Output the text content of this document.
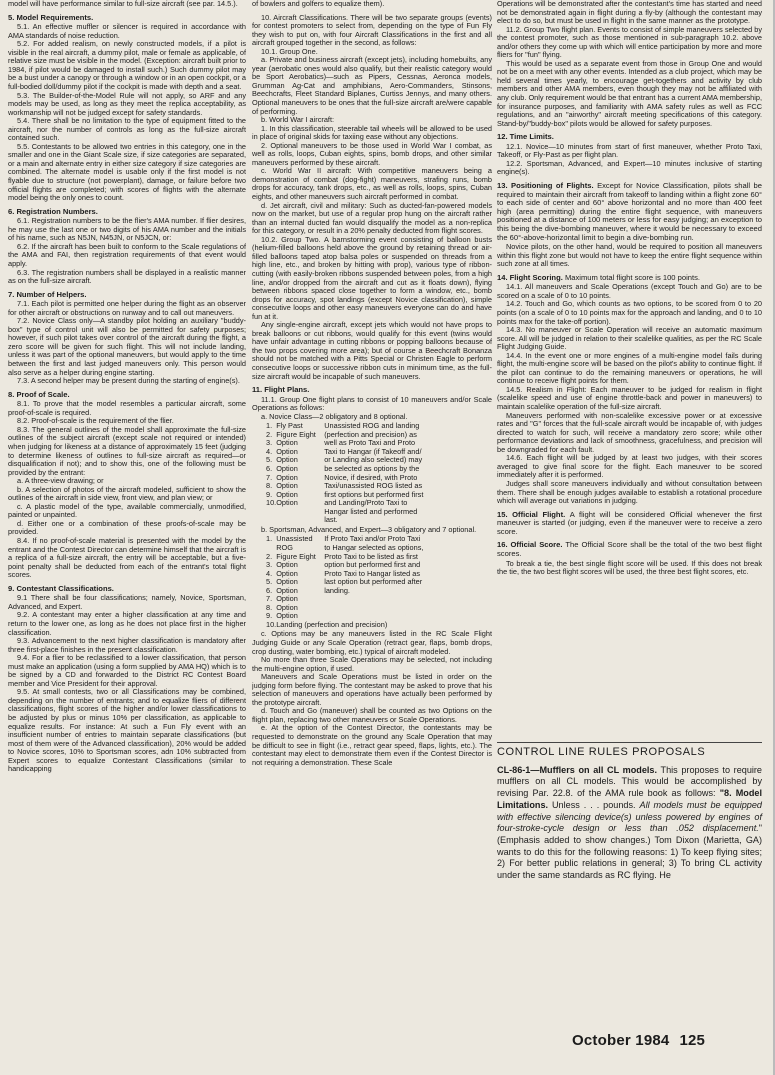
model will have performance similar to full-size aircraft (see par. 14.5.).

5. Model Requirements.

5.1. An effective muffler or silencer is required in accordance with AMA standards of noise reduction.

5.2. For added realism, on newly constructed models, if a pilot is visible in the real aircraft, a dummy pilot, male or female as applicable, of relative size must be visible in the model. (Exception: aircraft built prior to 1984, if pilot would be damaged to install such.) Such dummy pilot may be a bust under a canopy or through a window or in an open cockpit, or a full-bodied doll/dummy pilot if the cockpit is made with depth and a seat.

5.3. The Builder-of-the-Model Rule will not apply, so ARF and any models may be used, as long as they meet the replica acceptability, as workmanship will not be judged except for safety standards.

5.4. There shall be no limitation to the type of equipment fitted to the aircraft, nor the number of controls as long as the full-size aircraft contained such.

5.5. Contestants to be allowed two entries in this category, one in the smaller and one in the Giant Scale size, if size categories are separated, or a main and alternate entry in either size category if size categories are combined. The alternate model is usable only if the first model is not flyable due to structure (not powerplant), damage, or failure before two official flights are completed; with scores of flights with the alternate model being the only ones to count.

6. Registration Numbers.

6.1. Registration numbers to be the flier's AMA number. If flier desires, he may use the last one or two digits of his AMA number and the initials of his name, such as N5JN, N45JN, or N5JCN, or:

6.2. If the aircraft has been built to conform to the Scale regulations of the AMA and FAI, then registration requirements of that event would apply.

6.3. The registration numbers shall be displayed in a realistic manner as on the full-size aircraft.

7. Number of Helpers.

7.1. Each pilot is permitted one helper during the flight as an observer for other aircraft or obstructions on runway and to call out maneuvers.

7.2. Novice Class only—A standby pilot holding an auxiliary "buddy-box" type of control unit will also be permitted for safety purposes; however, if such pilot takes over control of the aircraft during the flight, a zero score will be given for such flight. This will not include landing, unless it was part of the optional maneuvers, but would apply to the time between the first and last judged maneuvers only. This person would also serve as a helper during engine starting.

7.3. A second helper may be present during the starting of engine(s).

8. Proof of Scale.

8.1. To prove that the model resembles a particular aircraft, some proof-of-scale is required.

8.2. Proof-of-scale is the requirement of the flier.

8.3. The general outlines of the model shall approximate the full-size outlines of the subject aircraft (except scale not required or intended) when judging for likeness at a distance of approximately 15 feet (judging to determine likeness of outlines to full-size aircraft as required—or disqualification if not); and to show this, one of the following must be provided by the entrant:

a. A three-view drawing; or

b. A selection of photos of the aircraft modeled, sufficient to show the outlines of the aircraft in side view, front view, and plan view; or

c. A plastic model of the type, available commercially, unmodified, painted or unpainted.

d. Either one or a combination of these proofs-of-scale may be provided.

8.4. If no proof-of-scale material is presented with the model by the entrant and the Contest Director can determine himself that the aircraft is a replica of a full-size aircraft, the entry will be acceptable, but a five-point penalty shall be deducted from each of the entrant's total flight scores.

9. Contestant Classifications.

9.1 There shall be four classifications; namely, Novice, Sportsman, Advanced, and Expert.

9.2. A contestant may enter a higher classification at any time and return to the lower one, as long as he does not place first in the higher classification.

9.3. Advancement to the next higher classification is mandatory after three first-place finishes in the present classification.

9.4. For a flier to be reclassified to a lower classification, that person must make an application (using a form supplied by AMA HQ) which is to be signed by a CD and forwarded to the District RC Contest Board member and Vice President for their approval.

9.5. At small contests, two or all Classifications may be combined, depending on the number of entrants; and to equalize fliers of different classifications, flight scores of the higher and/or lower classifications to be adjusted by plus or minus 10% per classification, as applicable to equalize results. For instance: At such a Fun Fly event with an insufficient number of entries to maintain separate classifications (but most of them were of the Advanced classification), 20% would be added to Novice scores, 10% to Sportsman scores, adn 10% subtracted from Expert scores to equalize Contestant Classifications (similar to handicapping

of bowlers and golfers to equalize them).

10. Aircraft Classifications. There will be two separate groups (events) for contest promoters to select from, depending on the type of Fun Fly they wish to put on, with four Aircraft Classifications in the first and all aircraft grouped together in the second, as follows:

10.1. Group One.

a. Private and business aircraft (except jets), including homebuilts, any year (aerobatic ones would also qualify, but their realistic category would be Sport Aerobatics)—such as Pipers, Cessnas, Aeronca models, Grumman Ag-Cat and amphibians, Aero-Commanders, Stinsons, Beechcrafts, Fleet Standard Biplanes, Curtiss Jennys, and many others. Optional maneuvers to be ones that the full-size aircraft are/were capable of performing.

b. World War I aircraft:

1. In this classification, steerable tail wheels will be allowed to be used in place of original skids for taxiing ease without any objections.

2. Optional maneuvers to be those used in World War I combat, as well as rolls, loops, Cuban eights, spins, bomb drops, and other similar maneuvers performed by these aircraft.

c. World War II aircraft: With competitive maneuvers being a demonstration of combat (dog-fight) maneuvers, strafing runs, bomb drops for accuracy, tank drops, etc., as well as rolls, loops, spins, Cuban eights, and other maneuvers such aircraft performed in combat.

d. Jet aircraft, civil and military: Such as ducted-fan-powered models now on the market, but use of a regular prop hung on the aircraft rather than an internal ducted fan would disqualify the model as a non-replica for this category, or result in a 20% penalty deducted from flight scores.

10.2. Group Two. A barnstorming event consisting of balloon busts (helium-filled balloons held above the ground by retaining thread or air-filled balloons taped atop balsa poles or suspended on threads from a high line, etc., and broken by hitting with prop), various type of ribbon-cutting (with easily-broken ribbons suspended between poles, from a high line, and/or dropped from the aircraft and cut as it floats down), flying between ribbons spaced close together to form a window, etc., bomb drops for accuracy, spot landings (except Novice classification), simple consecutive loops and other easy maneuvers everyone can do and have fun at it.

Any single-engine aircraft, except jets which would not have props to break balloons or cut ribbons, would qualify for this event (twins would have unfair advantage in cutting ribbons or popping balloons because of the two props covering more area); but of course a Beechcraft Bonanza should not be matched with a Pitts Special or Christen Eagle to perform consecutive loops or successive ribbon cuts in minimum time, as the full-size aircraft would be incapable of such maneuvers.

11. Flight Plans.

11.1. Group One flight plans to consist of 10 maneuvers and/or Scale Operations as follows:

a. Novice Class—2 obligatory and 8 optional.

1.	Fly Past	Unassisted ROG and landing
2.	Figure Eight	(perfection and precision) as
3.	Option	well as Proto Taxi and Proto
4.	Option	Taxi to Hangar (if Takeoff and/
5.	Option	or Landing also selected) may
6.	Option	be selected as options by the
7.	Option	Novice, if desired, with Proto
8.	Option	Taxi/unassisted ROG listed as
9.	Option	first options but performed first
10.	Option	and Landing/Proto Taxi to
		Hangar listed and performed
		last.

b. Sportsman, Advanced, and Expert—3 obligatory and 7 optional.

1.	Unassisted	If Proto Taxi and/or Proto Taxi
	ROG	to Hangar selected as options,
2.	Figure Eight	Proto Taxi to be listed as first
3.	Option	option but performed first and
4.	Option	Proto Taxi to Hangar listed as
5.	Option	last option but performed after
6.	Option	landing.
7.	Option	
8.	Option	
9.	Option	
10.	Landing (perfection and precision)	

c. Options may be any maneuvers listed in the RC Scale Flight Judging Guide or any Scale Operation (retract gear, flaps, bomb drops, crop dusting, water bombing, etc.) typical of aircraft modeled.

No more than three Scale Operations may be selected, not including the multi-engine option, if used.

Maneuvers and Scale Operations must be listed in order on the judging form before flying. The contestant may be asked to prove that his selection of maneuvers and operations have actually been performed by the prototype aircraft.

d. Touch and Go (maneuver) shall be counted as two Options on the flight plan, replacing two other maneuvers or Scale Operations.

e. At the option of the Contest Director, the contestants may be requested to demonstrate on the ground any Scale Operation that may be difficult to see in flight (i.e., retract gear speed, flaps, lights, etc.). The contestant may elect to demonstrate them even if the Contest Director is not requiring a demonstration. These Scale

Operations will be demonstrated after the contestant's time has started and need not be demonstrated again in flight during a fly-by (although the contestant may elect to do so, but must be used in flight in the same manner as the prototype.

11.2. Group Two flight plan. Events to consist of simple maneuvers selected by the contest promoter, such as those mentioned in sub-paragraph 10.2. above and/or others they come up with which will entice participation by more and more fliers for "fun" flying.

This would be used as a separate event from those in Group One and would not be on a meet with any other events. Intended as a club project, which may be held several times yearly, to encourage get-togethers and activity by club members and other AMA members, even though they may not be affiliated with any club. Only requirement would be that entrant has a current AMA membership, for insurance purposes, and familiarity with AMA safety rules as well as FCC regulations, and an "airworthy" aircraft meeting specifications of this category. Stand-by/"buddy-box" pilots would be allowed for safety purposes.

12. Time Limits.

12.1. Novice—10 minutes from start of first maneuver, whether Proto Taxi, Takeoff, or Fly-Past as per flight plan.

12.2. Sportsman, Advanced, and Expert—10 minutes inclusive of starting engine(s).

13. Positioning of Flights. Except for Novice Classification, pilots shall be required to maintain their aircraft from takeoff to landing within a flight zone 60° to each side of center and 60° above horizontal and no more than 400 feet high (area permitting) during the entire flight sequence, with maneuvers positioned at a distance of 100 meters or less for easy judging; an exception to this being the dive-bombing maneuver, where it would be necessary to exceed the 60°-above-horizontal limit to begin a dive-bombing run.

Novice pilots, on the other hand, would be required to position all maneuvers within this flight zone but would not have to keep the entire flight sequence within such zone at all times.

14. Flight Scoring. Maximum total flight score is 100 points.

14.1. All maneuvers and Scale Operations (except Touch and Go) are to be scored on a scale of 0 to 10 points.

14.2. Touch and Go, which counts as two options, to be scored from 0 to 20 points (on a scale of 0 to 10 points max for the approach and landing, and 0 to 10 points max for the take-off portion).

14.3. No maneuver or Scale Operation will receive an automatic maximum score. All will be judged in relation to their scalelike qualities, as per the RC Scale Flight Judging Guide.

14.4. In the event one or more engines of a multi-engine model fails during flight, the multi-engine score will be based on the pilot's ability to continue flight. If the pilot can continue to do the remaining maneuvers or operations, he will continue to receive flight points for them.

14.5. Realism in Flight: Each maneuver to be judged for realism in flight (scalelike speed and use of engine throttle-back and power in maneuvers) to maintain scalelike operation of the full-size aircraft.

Maneuvers performed with non-scalelike excessive power or at excessive rates and "G" forces that the full-scale aircraft would be incapable of, with judges directed to watch for such, will receive a mandatory zero score; while other performance deviations and lack of smoothness, gracefulness, and precision will be downgraded for each fault.

14.6. Each flight will be judged by at least two judges, with their scores averaged to give final score for the flight. Each maneuver to be scored immediately after it is performed.

Judges shall score maneuvers individually and without consultation between them. There shall be enough judges available to establish a rotational procedure which will average out variations in judging.

15. Official Flight. A flight will be considered Official whenever the first maneuver is started (or judging, even if the maneuver were to receive a zero score.
16. Official Score. The Official Score shall be the total of the two best flight scores.

To break a tie, the best single flight score will be used. If this does not break the tie, the two best flight scores will be used, the three best flight scores, etc.

CONTROL LINE RULES PROPOSALS

CL-86-1—Mufflers on all CL models. This proposes to require mufflers on all CL models. This would be accomplished by revising Par. 22.8. of the AMA rule book as follows: "8. Model Limitations. Unless . . . pounds. All models must be equipped with effective silencing device(s) unless powered by engines of four-stroke-cycle design or less than .052 displacement." (Emphasis added to show changes.) Tom Dixon (Marietta, GA) wants to do this for the following reasons: 1) To keep flying sites; 2) For better public relations in general; 3) To bring CL activity under the same standards as RC flying. He

October 1984 125
